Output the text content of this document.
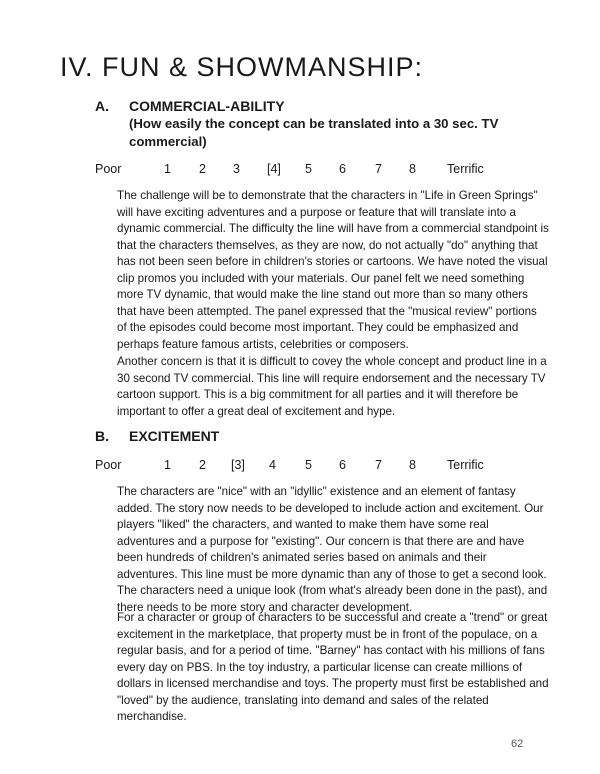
IV. FUN & SHOWMANSHIP:
A. COMMERCIAL-ABILITY
(How easily the concept can be translated into a 30 sec. TV commercial)
Poor	1 2 3 [4] 5 6 7 8 Terrific

The challenge will be to demonstrate that the characters in "Life in Green Springs" will have exciting adventures and a purpose or feature that will translate into a dynamic commercial. The difficulty the line will have from a commercial standpoint is that the characters themselves, as they are now, do not actually "do" anything that has not been seen before in children's stories or cartoons. We have noted the visual clip promos you included with your materials. Our panel felt we need something more TV dynamic, that would make the line stand out more than so many others that have been attempted. The panel expressed that the "musical review" portions of the episodes could become most important. They could be emphasized and perhaps feature famous artists, celebrities or composers.

Another concern is that it is difficult to covey the whole concept and product line in a 30 second TV commercial. This line will require endorsement and the necessary TV cartoon support. This is a big commitment for all parties and it will therefore be important to offer a great deal of excitement and hype.

B. EXCITEMENT
Poor	1 2 [3] 4 5 6 7 8 Terrific

The characters are "nice" with an "idyllic" existence and an element of fantasy added. The story now needs to be developed to include action and excitement. Our players "liked" the characters, and wanted to make them have some real adventures and a purpose for "existing". Our concern is that there are and have been hundreds of children's animated series based on animals and their adventures. This line must be more dynamic than any of those to get a second look. The characters need a unique look (from what's already been done in the past), and there needs to be more story and character development.

For a character or group of characters to be successful and create a "trend" or great excitement in the marketplace, that property must be in front of the populace, on a regular basis, and for a period of time. "Barney" has contact with his millions of fans every day on PBS. In the toy industry, a particular license can create millions of dollars in licensed merchandise and toys. The property must first be established and "loved" by the audience, translating into demand and sales of the related merchandise.

62
